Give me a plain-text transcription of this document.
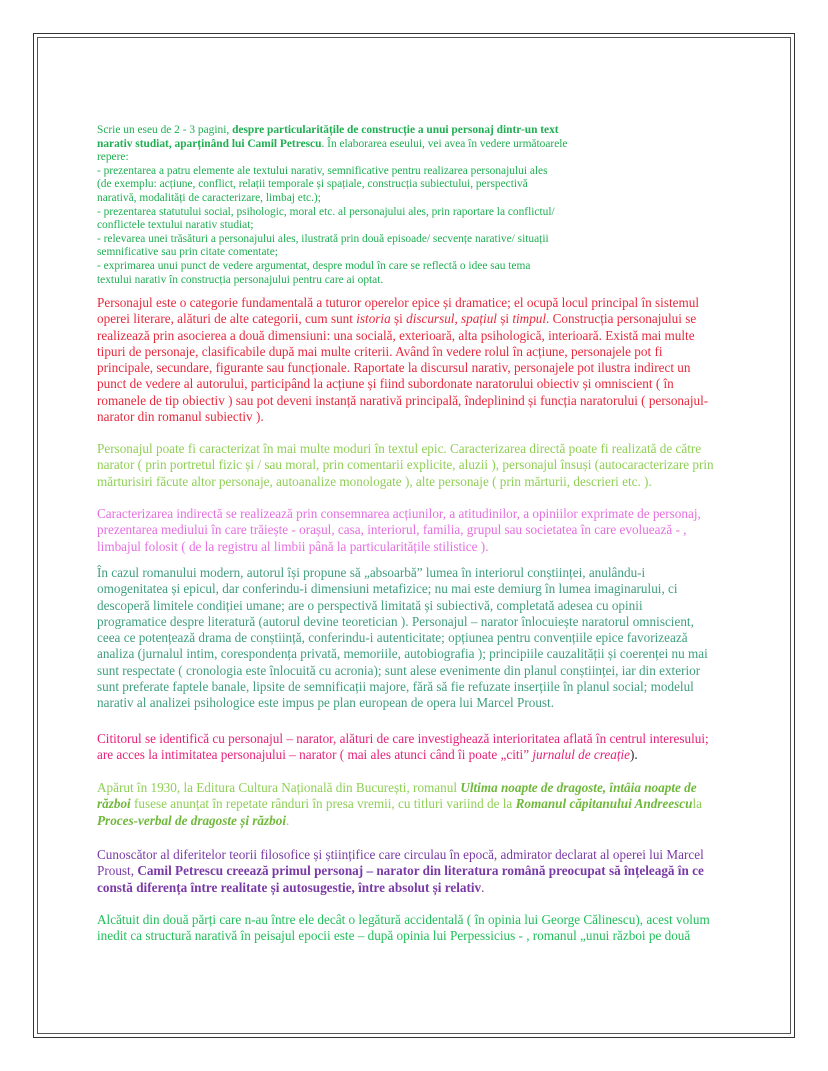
Scrie un eseu de 2 - 3 pagini, despre particularitățile de construcție a unui personaj dintr-un text
narativ studiat, aparținând lui Camil Petrescu. În elaborarea eseului, vei avea în vedere următoarele
repere:
- prezentarea a patru elemente ale textului narativ, semnificative pentru realizarea personajului ales
(de exemplu: acțiune, conflict, relații temporale și spațiale, construcția subiectului, perspectivă
narativă, modalități de caracterizare, limbaj etc.);
- prezentarea statutului social, psihologic, moral etc. al personajului ales, prin raportare la conflictul/
conflictele textului narativ studiat;
- relevarea unei trăsături a personajului ales, ilustrată prin două episoade/ secvențe narative/ situații
semnificative sau prin citate comentate;
- exprimarea unui punct de vedere argumentat, despre modul în care se reflectă o idee sau tema
textului narativ în construcția personajului pentru care ai optat.
Personajul este o categorie fundamentală a tuturor operelor epice și dramatice; el ocupă locul principal în sistemul
operei literare, alături de alte categorii, cum sunt istoria și discursul, spațiul și timpul. Construcția personajului se
realizează prin asocierea a două dimensiuni: una socială, exterioară, alta psihologică, interioară. Există mai multe
tipuri de personaje, clasificabile după mai multe criterii. Având în vedere rolul în acțiune, personajele pot fi
principale, secundare, figurante sau funcționale. Raportate la discursul narativ, personajele pot ilustra indirect un
punct de vedere al autorului, participând la acțiune și fiind subordonate naratorului obiectiv și omniscient ( în
romanele de tip obiectiv ) sau pot deveni instanță narativă principală, îndeplinind și funcția naratorului ( personajul-
narator din romanul subiectiv ).
Personajul poate fi caracterizat în mai multe moduri în textul epic. Caracterizarea directă poate fi realizată de către
narator ( prin portretul fizic și / sau moral, prin comentarii explicite, aluzii ), personajul însuși (autocaracterizare prin
mărturisiri făcute altor personaje, autoanalize monologate ), alte personaje ( prin mărturii, descrieri etc. ).
Caracterizarea indirectă se realizează prin consemnarea acțiunilor, a atitudinilor, a opiniilor exprimate de personaj,
prezentarea mediului în care trăiește - orașul, casa, interiorul, familia, grupul sau societatea în care evoluează - ,
limbajul folosit ( de la registru al limbii până la particularitățile stilistice ).
În cazul romanului modern, autorul își propune să „absoarbă” lumea în interiorul conștiinței, anulându-i
omogenitatea și epicul, dar conferindu-i dimensiuni metafizice; nu mai este demiurg în lumea imaginarului, ci
descoperă limitele condiției umane; are o perspectivă limitată și subiectivă, completată adesea cu opinii
programatice despre literatură (autorul devine teoretician ). Personajul – narator înlocuiește naratorul omniscient,
ceea ce potențează drama de conștiință, conferindu-i autenticitate; opțiunea pentru convențiile epice favorizează
analiza (jurnalul intim, corespondența privată, memoriile, autobiografia ); principiile cauzalității și coerenței nu mai
sunt respectate ( cronologia este înlocuită cu acronia); sunt alese evenimente din planul conștiinței, iar din exterior
sunt preferate faptele banale, lipsite de semnificații majore, fără să fie refuzate inserțiile în planul social; modelul
narativ al analizei psihologice este impus pe plan european de opera lui Marcel Proust.
Cititorul se identifică cu personajul – narator, alături de care investighează interioritatea aflată în centrul interesului;
are acces la intimitatea personajului – narator ( mai ales atunci când îi poate „citi” jurnalul de creație).
Apărut în 1930, la Editura Cultura Națională din București, romanul Ultima noapte de dragoste, întâia noapte de
război fusese anunțat în repetate rânduri în presa vremii, cu titluri variind de la Romanul căpitanului Andreescula
Proces-verbal de dragoste și război.
Cunoscător al diferitelor teorii filosofice și științifice care circulau în epocă, admirator declarat al operei lui Marcel
Proust, Camil Petrescu creează primul personaj – narator din literatura română preocupat să înțeleagă în ce
constă diferența între realitate și autosugestie, între absolut și relativ.
Alcătuit din două părți care n-au între ele decât o legătură accidentală ( în opinia lui George Călinescu), acest volum
inedit ca structură narativă în peisajul epocii este – după opinia lui Perpessicius - , romanul „unui război pe două
